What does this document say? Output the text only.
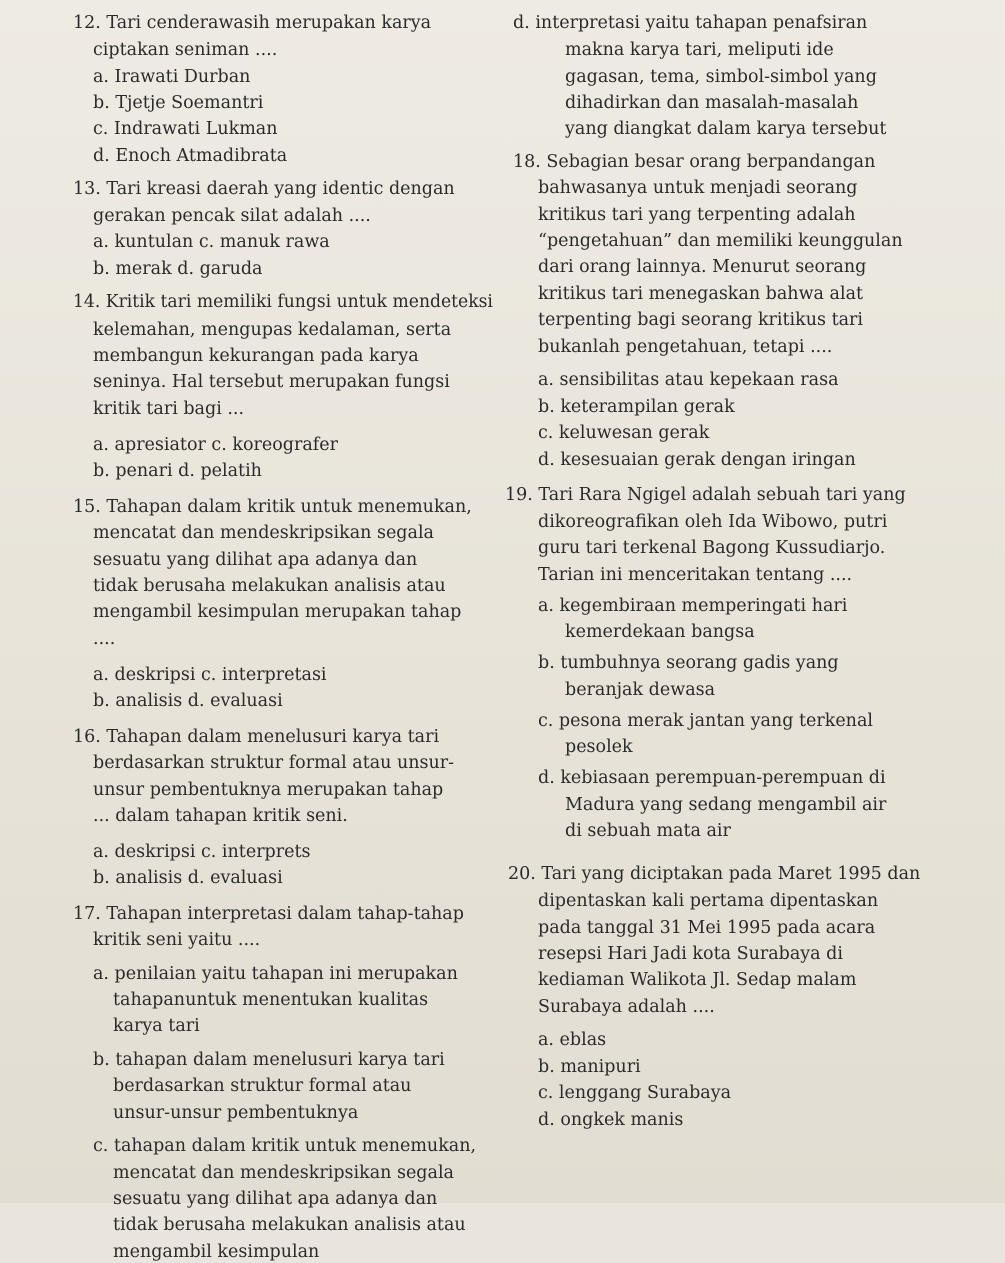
12. Tari cenderawasih merupakan karya
ciptakan seniman ....
a. Irawati Durban
b. Tjetje Soemantri
c. Indrawati Lukman
d. Enoch Atmadibrata
13. Tari kreasi daerah yang identic dengan
gerakan pencak silat adalah ....
a. kuntulan c. manuk rawa
b. merak d. garuda
14. Kritik tari memiliki fungsi untuk mendeteksi
kelemahan, mengupas kedalaman, serta
membangun kekurangan pada karya
seninya. Hal tersebut merupakan fungsi
kritik tari bagi ...
a. apresiator c. koreografer
b. penari d. pelatih
15. Tahapan dalam kritik untuk menemukan,
mencatat dan mendeskripsikan segala
sesuatu yang dilihat apa adanya dan
tidak berusaha melakukan analisis atau
mengambil kesimpulan merupakan tahap
....
a. deskripsi c. interpretasi
b. analisis d. evaluasi
16. Tahapan dalam menelusuri karya tari
berdasarkan struktur formal atau unsur-
unsur pembentuknya merupakan tahap
... dalam tahapan kritik seni.
a. deskripsi c. interprets
b. analisis d. evaluasi
17. Tahapan interpretasi dalam tahap-tahap
kritik seni yaitu ....
a. penilaian yaitu tahapan ini merupakan
tahapanuntuk menentukan kualitas
karya tari
b. tahapan dalam menelusuri karya tari
berdasarkan struktur formal atau
unsur-unsur pembentuknya
c. tahapan dalam kritik untuk menemukan,
mencatat dan mendeskripsikan segala
sesuatu yang dilihat apa adanya dan
tidak berusaha melakukan analisis atau
mengambil kesimpulan
d. interpretasi yaitu tahapan penafsiran
makna karya tari, meliputi ide
gagasan, tema, simbol-simbol yang
dihadirkan dan masalah-masalah
yang diangkat dalam karya tersebut
18. Sebagian besar orang berpandangan
bahwasanya untuk menjadi seorang
kritikus tari yang terpenting adalah
“pengetahuan” dan memiliki keunggulan
dari orang lainnya. Menurut seorang
kritikus tari menegaskan bahwa alat
terpenting bagi seorang kritikus tari
bukanlah pengetahuan, tetapi ....
a. sensibilitas atau kepekaan rasa
b. keterampilan gerak
c. keluwesan gerak
d. kesesuaian gerak dengan iringan
19. Tari Rara Ngigel adalah sebuah tari yang
dikoreografikan oleh Ida Wibowo, putri
guru tari terkenal Bagong Kussudiarjo.
Tarian ini menceritakan tentang ....
a. kegembiraan memperingati hari
kemerdekaan bangsa
b. tumbuhnya seorang gadis yang
beranjak dewasa
c. pesona merak jantan yang terkenal
pesolek
d. kebiasaan perempuan-perempuan di
Madura yang sedang mengambil air
di sebuah mata air
20. Tari yang diciptakan pada Maret 1995 dan
dipentaskan kali pertama dipentaskan
pada tanggal 31 Mei 1995 pada acara
resepsi Hari Jadi kota Surabaya di
kediaman Walikota Jl. Sedap malam
Surabaya adalah ....
a. eblas
b. manipuri
c. lenggang Surabaya
d. ongkek manis
